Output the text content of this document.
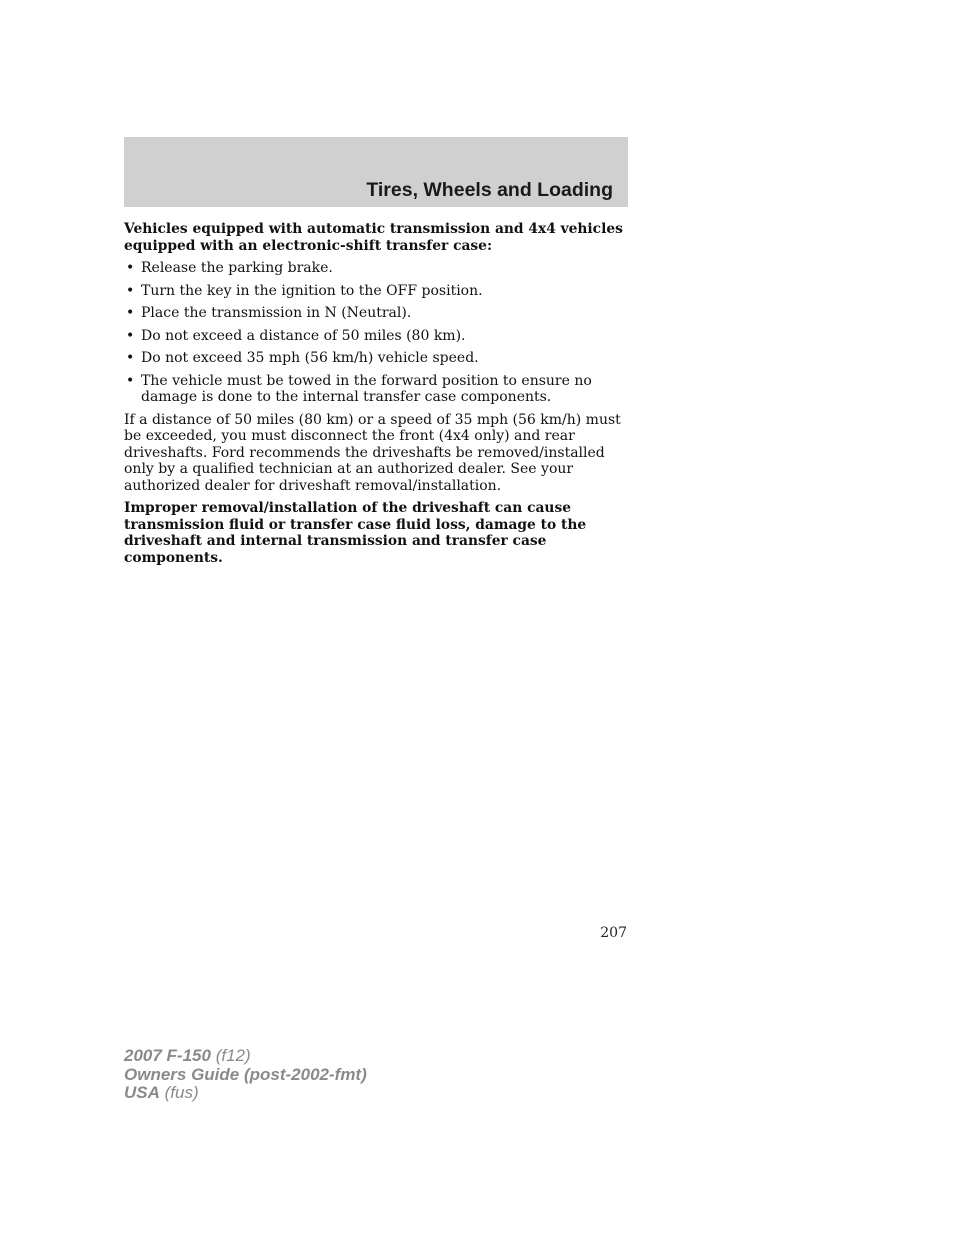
Tires, Wheels and Loading

Vehicles equipped with automatic transmission and 4x4 vehicles equipped with an electronic-shift transfer case:

• Release the parking brake.
• Turn the key in the ignition to the OFF position.
• Place the transmission in N (Neutral).
• Do not exceed a distance of 50 miles (80 km).
• Do not exceed 35 mph (56 km/h) vehicle speed.
• The vehicle must be towed in the forward position to ensure no damage is done to the internal transfer case components.

If a distance of 50 miles (80 km) or a speed of 35 mph (56 km/h) must be exceeded, you must disconnect the front (4x4 only) and rear driveshafts. Ford recommends the driveshafts be removed/installed only by a qualified technician at an authorized dealer. See your authorized dealer for driveshaft removal/installation.

Improper removal/installation of the driveshaft can cause transmission fluid or transfer case fluid loss, damage to the driveshaft and internal transmission and transfer case components.

207
2007 F-150 (f12)
Owners Guide (post-2002-fmt)
USA (fus)
